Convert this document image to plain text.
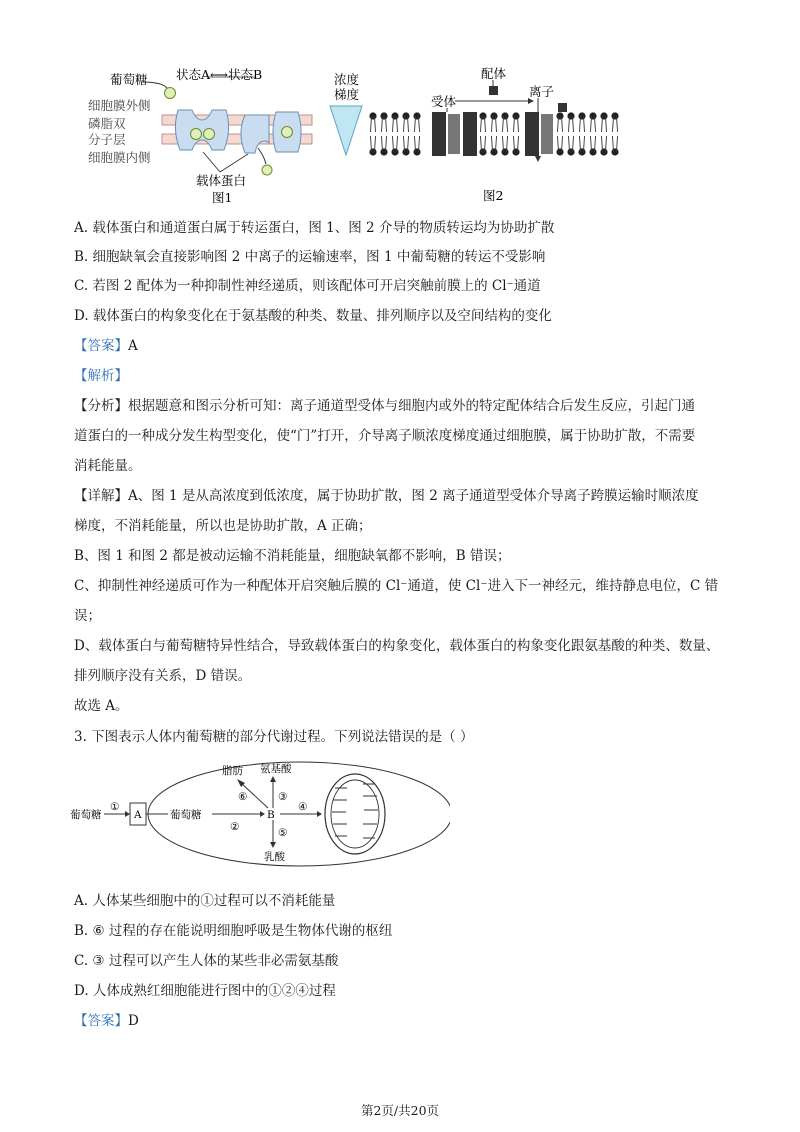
葡萄糖 状态A⟷状态B
细胞膜外侧
磷脂双
分子层
细胞膜内侧
载体蛋白
图1
浓度
梯度
配体
受体
离子
图2
A. 载体蛋白和通道蛋白属于转运蛋白，图 1、图 2 介导的物质转运均为协助扩散
B. 细胞缺氧会直接影响图 2 中离子的运输速率，图 1 中葡萄糖的转运不受影响
C. 若图 2 配体为一种抑制性神经递质，则该配体可开启突触前膜上的 Cl⁻通道
D. 载体蛋白的构象变化在于氨基酸的种类、数量、排列顺序以及空间结构的变化
【答案】A
【解析】
【分析】根据题意和图示分析可知：离子通道型受体与细胞内或外的特定配体结合后发生反应，引起门通
道蛋白的一种成分发生构型变化，使“门”打开，介导离子顺浓度梯度通过细胞膜，属于协助扩散，不需要
消耗能量。
【详解】A、图 1 是从高浓度到低浓度，属于协助扩散，图 2 离子通道型受体介导离子跨膜运输时顺浓度
梯度，不消耗能量，所以也是协助扩散，A 正确；
B、图 1 和图 2 都是被动运输不消耗能量，细胞缺氧都不影响，B 错误；
C、抑制性神经递质可作为一种配体开启突触后膜的 Cl⁻通道，使 Cl⁻进入下一神经元，维持静息电位，C 错
误；
D、载体蛋白与葡萄糖特异性结合，导致载体蛋白的构象变化，载体蛋白的构象变化跟氨基酸的种类、数量、
排列顺序没有关系，D 错误。
故选 A。
3. 下图表示人体内葡萄糖的部分代谢过程。下列说法错误的是（ ）
葡萄糖
①
A	葡萄糖
②
B
③
④
⑤
⑥
脂肪 氨基酸
乳酸
A. 人体某些细胞中的①过程可以不消耗能量
B. ⑥ 过程的存在能说明细胞呼吸是生物体代谢的枢纽
C. ③ 过程可以产生人体的某些非必需氨基酸
D. 人体成熟红细胞能进行图中的①②④过程
【答案】D
第2页/共20页
